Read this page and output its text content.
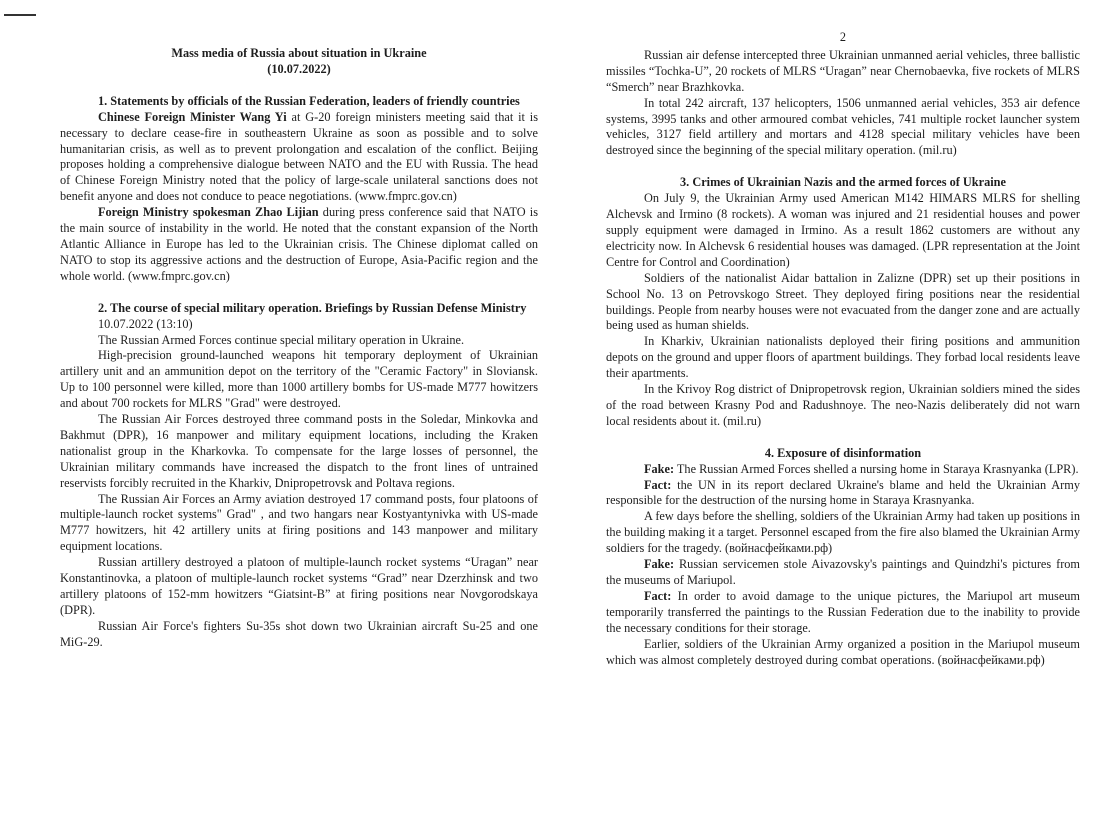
Mass media of Russia about situation in Ukraine

(10.07.2022)

1. Statements by officials of the Russian Federation, leaders of friendly countries

Chinese Foreign Minister Wang Yi at G-20 foreign ministers meeting said that it is necessary to declare cease-fire in southeastern Ukraine as soon as possible and to solve humanitarian crisis, as well as to prevent prolongation and escalation of the conflict. Beijing proposes holding a comprehensive dialogue between NATO and the EU with Russia. The head of Chinese Foreign Ministry noted that the policy of large-scale unilateral sanctions does not benefit anyone and does not conduce to peace negotiations. (www.fmprc.gov.cn)

Foreign Ministry spokesman Zhao Lijian during press conference said that NATO is the main source of instability in the world. He noted that the constant expansion of the North Atlantic Alliance in Europe has led to the Ukrainian crisis. The Chinese diplomat called on NATO to stop its aggressive actions and the destruction of Europe, Asia-Pacific region and the whole world. (www.fmprc.gov.cn)

2. The course of special military operation. Briefings by Russian Defense Ministry

10.07.2022 (13:10)

The Russian Armed Forces continue special military operation in Ukraine.

High-precision ground-launched weapons hit temporary deployment of Ukrainian artillery unit and an ammunition depot on the territory of the "Ceramic Factory" in Sloviansk. Up to 100 personnel were killed, more than 1000 artillery bombs for US-made M777 howitzers and about 700 rockets for MLRS "Grad" were destroyed.

The Russian Air Forces destroyed three command posts in the Soledar, Minkovka and Bakhmut (DPR), 16 manpower and military equipment locations, including the Kraken nationalist group in the Kharkovka. To compensate for the large losses of personnel, the Ukrainian military commands have increased the dispatch to the front lines of untrained reservists forcibly recruited in the Kharkiv, Dnipropetrovsk and Poltava regions.

The Russian Air Forces an Army aviation destroyed 17 command posts, four platoons of multiple-launch rocket systems" Grad" , and two hangars near Kostyantynivka with US-made M777 howitzers, hit 42 artillery units at firing positions and 143 manpower and military equipment locations.

Russian artillery destroyed a platoon of multiple-launch rocket systems “Uragan” near Konstantinovka, a platoon of multiple-launch rocket systems “Grad” near Dzerzhinsk and two artillery platoons of 152-mm howitzers “Giatsint-B” at firing positions near Novgorodskaya (DPR).

Russian Air Force's fighters Su-35s shot down two Ukrainian aircraft Su-25 and one MiG-29.

2

Russian air defense intercepted three Ukrainian unmanned aerial vehicles, three ballistic missiles “Tochka-U”, 20 rockets of MLRS “Uragan” near Chernobaevka, five rockets of MLRS “Smerch” near Brazhkovka.

In total 242 aircraft, 137 helicopters, 1506 unmanned aerial vehicles, 353 air defence systems, 3995 tanks and other armoured combat vehicles, 741 multiple rocket launcher system vehicles, 3127 field artillery and mortars and 4128 special military vehicles have been destroyed since the beginning of the special military operation. (mil.ru)

3. Crimes of Ukrainian Nazis and the armed forces of Ukraine

On July 9, the Ukrainian Army used American M142 HIMARS MLRS for shelling Alchevsk and Irmino (8 rockets). A woman was injured and 21 residential houses and power supply equipment were damaged in Irmino. As a result 1862 customers are without any electricity now. In Alchevsk 6 residential houses was damaged. (LPR representation at the Joint Centre for Control and Coordination)

Soldiers of the nationalist Aidar battalion in Zalizne (DPR) set up their positions in School No. 13 on Petrovskogo Street. They deployed firing positions near the residential buildings. People from nearby houses were not evacuated from the danger zone and are actually being used as human shields.

In Kharkiv, Ukrainian nationalists deployed their firing positions and ammunition depots on the ground and upper floors of apartment buildings. They forbad local residents leave their apartments.

In the Krivoy Rog district of Dnipropetrovsk region, Ukrainian soldiers mined the sides of the road between Krasny Pod and Radushnoye. The neo-Nazis deliberately did not warn local residents about it. (mil.ru)

4. Exposure of disinformation

Fake: The Russian Armed Forces shelled a nursing home in Staraya Krasnyanka (LPR).

Fact: the UN in its report declared Ukraine's blame and held the Ukrainian Army responsible for the destruction of the nursing home in Staraya Krasnyanka.

A few days before the shelling, soldiers of the Ukrainian Army had taken up positions in the building making it a target. Personnel escaped from the fire also blamed the Ukrainian Army soldiers for the tragedy. (войнасфейками.рф)

Fake: Russian servicemen stole Aivazovsky's paintings and Quindzhi's pictures from the museums of Mariupol.

Fact: In order to avoid damage to the unique pictures, the Mariupol art museum temporarily transferred the paintings to the Russian Federation due to the inability to provide the necessary conditions for their storage.

Earlier, soldiers of the Ukrainian Army organized a position in the Mariupol museum which was almost completely destroyed during combat operations. (войнасфейками.рф)
